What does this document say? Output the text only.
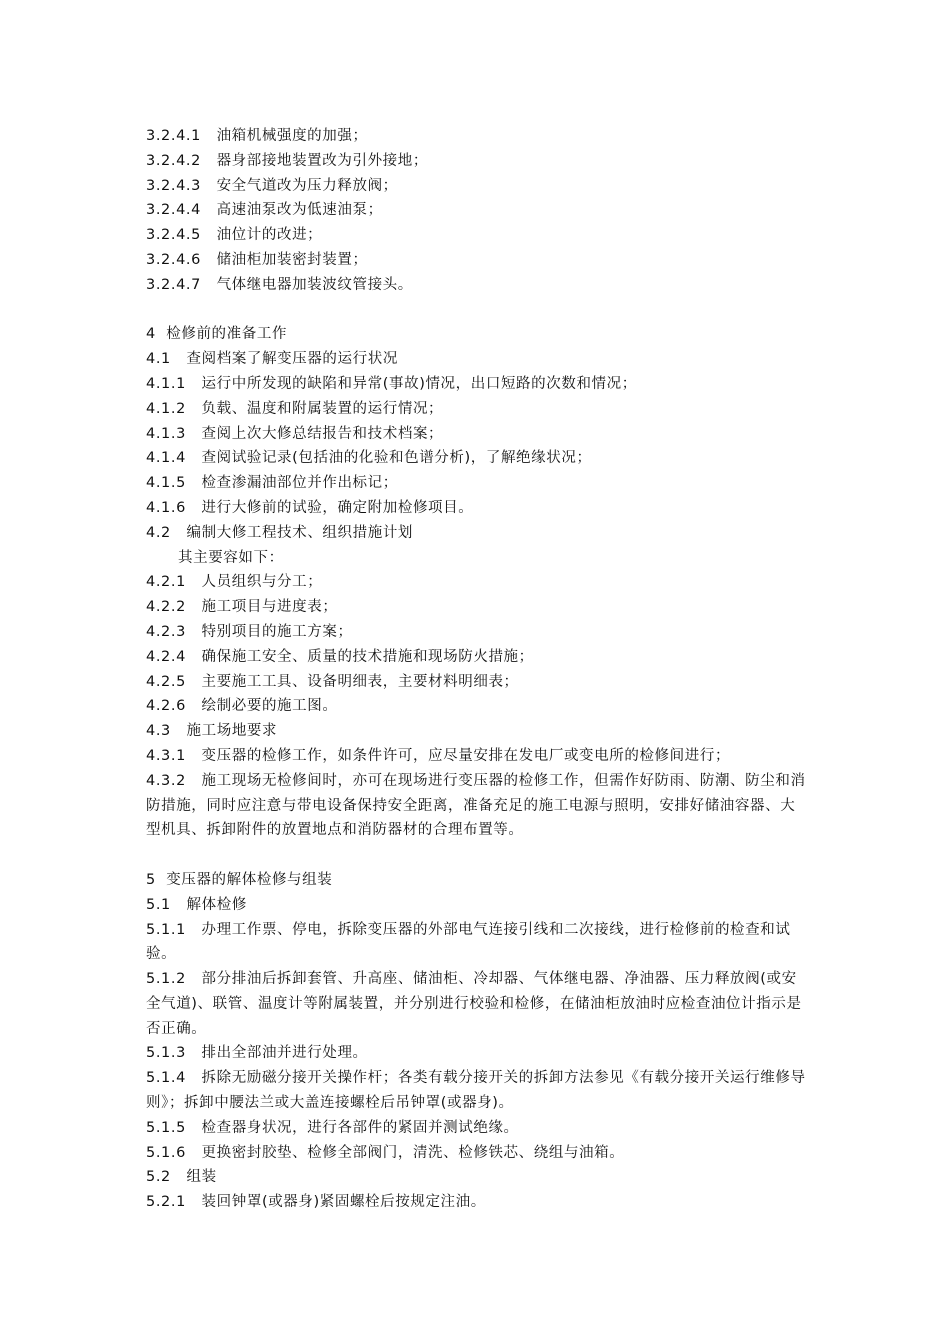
3.2.4.1 油箱机械强度的加强；
3.2.4.2 器身部接地装置改为引外接地；
3.2.4.3 安全气道改为压力释放阀；
3.2.4.4 高速油泵改为低速油泵；
3.2.4.5 油位计的改进；
3.2.4.6 储油柜加装密封装置；
3.2.4.7 气体继电器加装波纹管接头。
4 检修前的准备工作
4.1 查阅档案了解变压器的运行状况
4.1.1 运行中所发现的缺陷和异常(事故)情况，出口短路的次数和情况；
4.1.2 负载、温度和附属装置的运行情况；
4.1.3 查阅上次大修总结报告和技术档案；
4.1.4 查阅试验记录(包括油的化验和色谱分析)，了解绝缘状况；
4.1.5 检查渗漏油部位并作出标记；
4.1.6 进行大修前的试验，确定附加检修项目。
4.2 编制大修工程技术、组织措施计划
其主要容如下：
4.2.1 人员组织与分工；
4.2.2 施工项目与进度表；
4.2.3 特别项目的施工方案；
4.2.4 确保施工安全、质量的技术措施和现场防火措施；
4.2.5 主要施工工具、设备明细表，主要材料明细表；
4.2.6 绘制必要的施工图。
4.3 施工场地要求
4.3.1 变压器的检修工作，如条件许可，应尽量安排在发电厂或变电所的检修间进行；
4.3.2 施工现场无检修间时，亦可在现场进行变压器的检修工作，但需作好防雨、防潮、防尘和消防措施，同时应注意与带电设备保持安全距离，准备充足的施工电源与照明，安排好储油容器、大型机具、拆卸附件的放置地点和消防器材的合理布置等。
5 变压器的解体检修与组装
5.1 解体检修
5.1.1 办理工作票、停电，拆除变压器的外部电气连接引线和二次接线，进行检修前的检查和试验。
5.1.2 部分排油后拆卸套管、升高座、储油柜、冷却器、气体继电器、净油器、压力释放阀(或安全气道)、联管、温度计等附属装置，并分别进行校验和检修，在储油柜放油时应检查油位计指示是否正确。
5.1.3 排出全部油并进行处理。
5.1.4 拆除无励磁分接开关操作杆；各类有载分接开关的拆卸方法参见《有载分接开关运行维修导则》；拆卸中腰法兰或大盖连接螺栓后吊钟罩(或器身)。
5.1.5 检查器身状况，进行各部件的紧固并测试绝缘。
5.1.6 更换密封胶垫、检修全部阀门，清洗、检修铁芯、绕组与油箱。
5.2 组装
5.2.1 装回钟罩(或器身)紧固螺栓后按规定注油。
